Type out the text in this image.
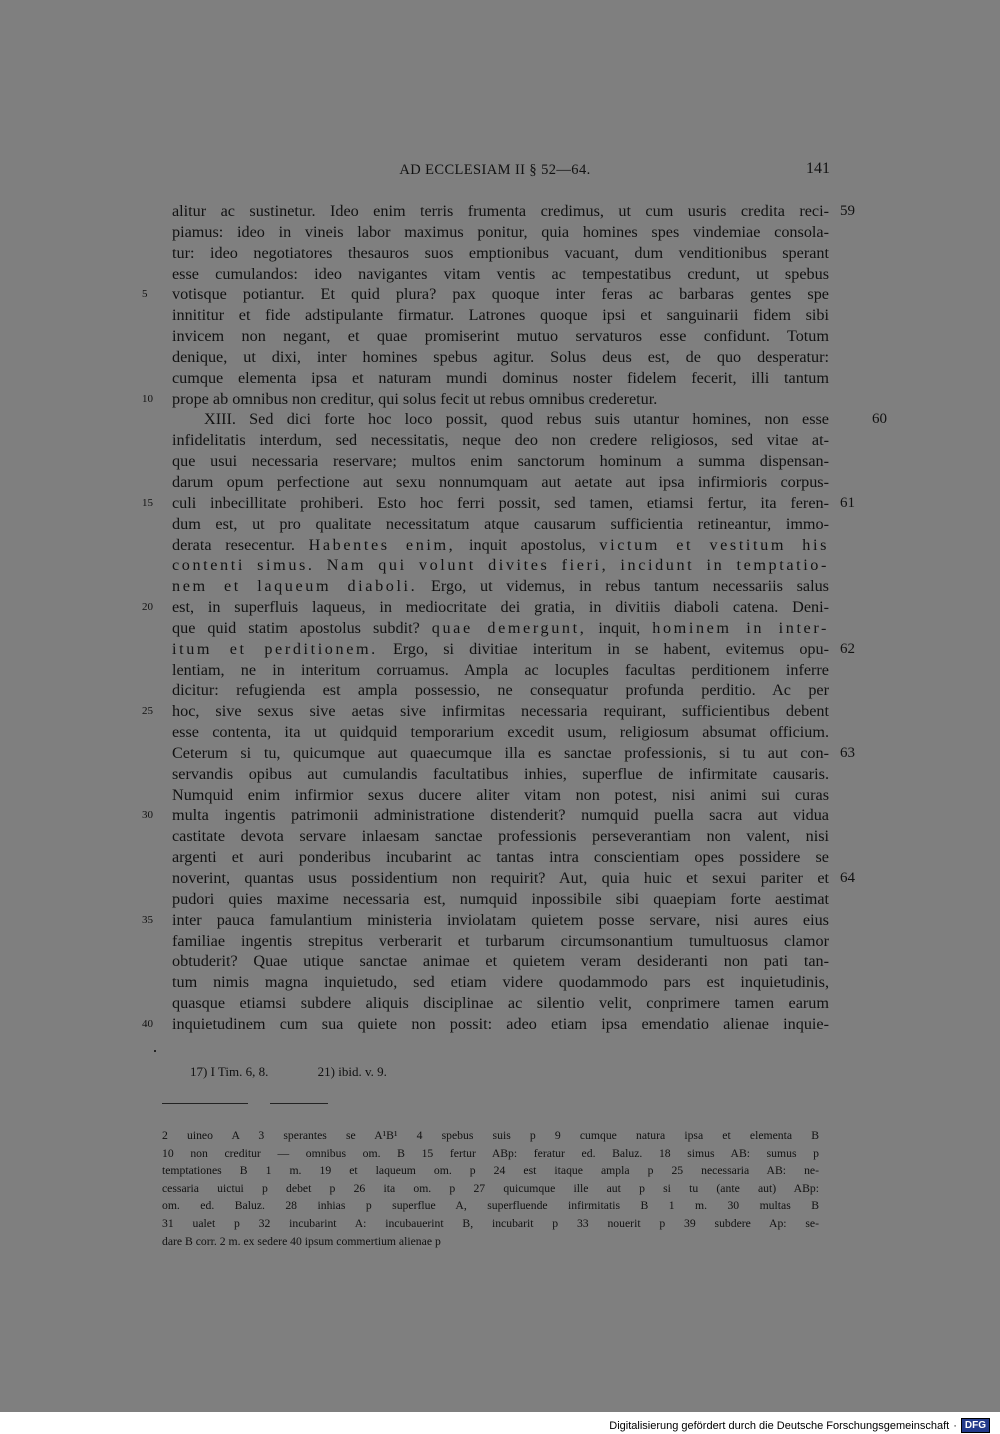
AD ECCLESIAM II § 52—64.	141
alitur ac sustinetur. Ideo enim terris frumenta credimus, ut cum usuris credita reci- 59
piamus: ideo in vineis labor maximus ponitur, quia homines spes vindemiae consola-
tur: ideo negotiatores thesauros suos emptionibus vacuant, dum venditionibus sperant
esse cumulandos: ideo navigantes vitam ventis ac tempestatibus credunt, ut spebus
5	votisque potiantur. Et quid plura? pax quoque inter feras ac barbaras gentes spe
innititur et fide adstipulante firmatur. Latrones quoque ipsi et sanguinarii fidem sibi
invicem non negant, et quae promiserint mutuo servaturos esse confidunt. Totum
denique, ut dixi, inter homines spebus agitur. Solus deus est, de quo desperatur:
cumque elementa ipsa et naturam mundi dominus noster fidelem fecerit, illi tantum
10	prope ab omnibus non creditur, qui solus fecit ut rebus omnibus crederetur.
XIII. Sed dici forte hoc loco possit, quod rebus suis utantur homines, non esse	60
infidelitatis interdum, sed necessitatis, neque deo non credere religiosos, sed vitae at-
que usui necessaria reservare; multos enim sanctorum hominum a summa dispensan-
darum opum perfectione aut sexu nonnumquam aut aetate aut ipsa infirmioris corpus-
15	culi inbecillitate prohiberi. Esto hoc ferri possit, sed tamen, etiamsi fertur, ita feren- 61
dum est, ut pro qualitate necessitatum atque causarum sufficientia retineantur, immo-
derata resecentur. Habentes enim, inquit apostolus, victum et vestitum his
contenti simus. Nam qui volunt divites fieri, incidunt in temptatio-
nem et laqueum diaboli. Ergo, ut videmus, in rebus tantum necessariis salus
20	est, in superfluis laqueus, in mediocritate dei gratia, in divitiis diaboli catena. Deni-
que quid statim apostolus subdit? quae demergunt, inquit, hominem in inter-
itum et perditionem. Ergo, si divitiae interitum in se habent, evitemus opu- 62
lentiam, ne in interitum corruamus. Ampla ac locuples facultas perditionem inferre
dicitur: refugienda est ampla possessio, ne consequatur profunda perditio. Ac per
25	hoc, sive sexus sive aetas sive infirmitas necessaria requirant, sufficientibus debent
esse contenta, ita ut quidquid temporarium excedit usum, religiosum absumat officium.
Ceterum si tu, quicumque aut quaecumque illa es sanctae professionis, si tu aut con- 63
servandis opibus aut cumulandis facultatibus inhies, superflue de infirmitate causaris.
Numquid enim infirmior sexus ducere aliter vitam non potest, nisi animi sui curas
30	multa ingentis patrimonii administratione distenderit? numquid puella sacra aut vidua
castitate devota servare inlaesam sanctae professionis perseverantiam non valent, nisi
argenti et auri ponderibus incubarint ac tantas intra conscientiam opes possidere se
noverint, quantas usus possidentium non requirit? Aut, quia huic et sexui pariter et 64
pudori quies maxime necessaria est, numquid inpossibile sibi quaepiam forte aestimat
35	inter pauca famulantium ministeria inviolatam quietem posse servare, nisi aures eius
familiae ingentis strepitus verberarit et turbarum circumsonantium tumultuosus clamor
obtuderit? Quae utique sanctae animae et quietem veram desideranti non pati tan-
tum nimis magna inquietudo, sed etiam videre quodammodo pars est inquietudinis,
quasque etiamsi subdere aliquis disciplinae ac silentio velit, conprimere tamen earum
40	inquietudinem cum sua quiete non possit: adeo etiam ipsa emendatio alienae inquie-
17) I Tim. 6, 8.	21) ibid. v. 9.
2 uineo A 3 sperantes se A¹B¹ 4 spebus suis p 9 cumque natura ipsa et elementa B
10 non creditur — omnibus om. B 15 fertur ABp: feratur ed. Baluz. 18 simus AB: sumus p
temptationes B 1 m. 19 et laqueum om. p 24 est itaque ampla p 25 necessaria AB: ne-
cessaria uictui p debet p 26 ita om. p 27 quicumque ille aut p si tu (ante aut) ABp:
om. ed. Baluz. 28 inhias p superflue A, superfluende infirmitatis B 1 m. 30 multas B
31 ualet p 32 incubarint A: incubauerint B, incubarit p 33 nouerit p 39 subdere Ap: se-
dare B corr. 2 m. ex sedere 40 ipsum commertium alienae p
Digitalisierung gefördert durch die Deutsche Forschungsgemeinschaft · DFG
